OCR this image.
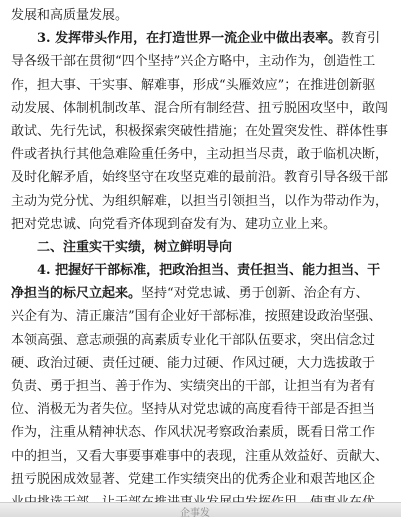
发展和高质量发展。
3. 发挥带头作用，在打造世界一流企业中做出表率。教育引
导各级干部在贯彻“四个坚持”兴企方略中，主动作为，创造性工
作，担大事、干实事、解难事，形成“头雁效应”；在推进创新驱
动发展、体制机制改革、混合所有制经营、扭亏脱困攻坚中，敢闯
敢试、先行先试，积极探索突破性措施；在处置突发性、群体性事
件或者执行其他急难险重任务中，主动担当尽责，敢于临机决断，
及时化解矛盾，始终坚守在攻坚克难的最前沿。教育引导各级干部
主动为党分忧、为组织解难，以担当引领担当，以作为带动作为，
把对党忠诚、向党看齐体现到奋发有为、建功立业上来。
二、注重实干实绩，树立鲜明导向
4. 把握好干部标准，把政治担当、责任担当、能力担当、干
净担当的标尺立起来。坚持“对党忠诚、勇于创新、治企有方、
兴企有为、清正廉洁”国有企业好干部标准，按照建设政治坚强、
本领高强、意志顽强的高素质专业化干部队伍要求，突出信念过
硬、政治过硬、责任过硬、能力过硬、作风过硬，大力选拔敢于
负责、勇于担当、善于作为、实绩突出的干部，让担当有为者有
位、消极无为者失位。坚持从对党忠诚的高度看待干部是否担当
作为，注重从精神状态、作风状况考察政治素质，既看日常工作
中的担当，又看大事要事难事中的表现，注重从效益好、贡献大、
扭亏脱困成效显著、党建工作实绩突出的优秀企业和艰苦地区企
企事发
